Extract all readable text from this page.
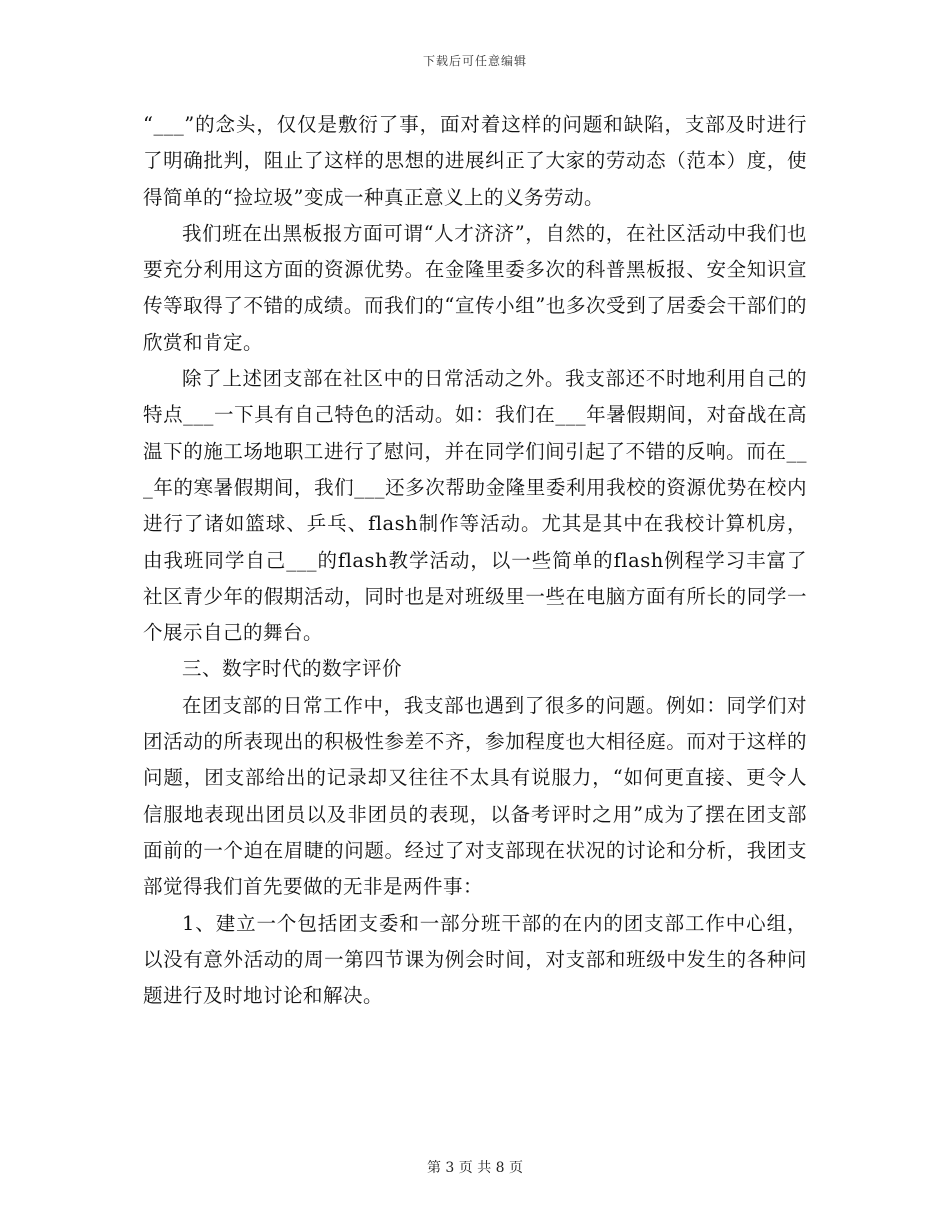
下载后可任意编辑

“___”的念头，仅仅是敷衍了事，面对着这样的问题和缺陷，支部及时进行了明确批判，阻止了这样的思想的进展纠正了大家的劳动态（范本）度，使得简单的“捡垃圾”变成一种真正意义上的义务劳动。

我们班在出黑板报方面可谓“人才济济”，自然的，在社区活动中我们也要充分利用这方面的资源优势。在金隆里委多次的科普黑板报、安全知识宣传等取得了不错的成绩。而我们的“宣传小组”也多次受到了居委会干部们的欣赏和肯定。

除了上述团支部在社区中的日常活动之外。我支部还不时地利用自己的特点___一下具有自己特色的活动。如：我们在___年暑假期间，对奋战在高温下的施工场地职工进行了慰问，并在同学们间引起了不错的反响。而在___年的寒暑假期间，我们___还多次帮助金隆里委利用我校的资源优势在校内进行了诸如篮球、乒乓、flash制作等活动。尤其是其中在我校计算机房，由我班同学自己___的flash教学活动，以一些简单的flash例程学习丰富了社区青少年的假期活动，同时也是对班级里一些在电脑方面有所长的同学一个展示自己的舞台。

三、数字时代的数字评价

在团支部的日常工作中，我支部也遇到了很多的问题。例如：同学们对团活动的所表现出的积极性参差不齐，参加程度也大相径庭。而对于这样的问题，团支部给出的记录却又往往不太具有说服力，“如何更直接、更令人信服地表现出团员以及非团员的表现，以备考评时之用”成为了摆在团支部面前的一个迫在眉睫的问题。经过了对支部现在状况的讨论和分析，我团支部觉得我们首先要做的无非是两件事：

1、建立一个包括团支委和一部分班干部的在内的团支部工作中心组，以没有意外活动的周一第四节课为例会时间，对支部和班级中发生的各种问题进行及时地讨论和解决。

第 3 页 共 8 页
